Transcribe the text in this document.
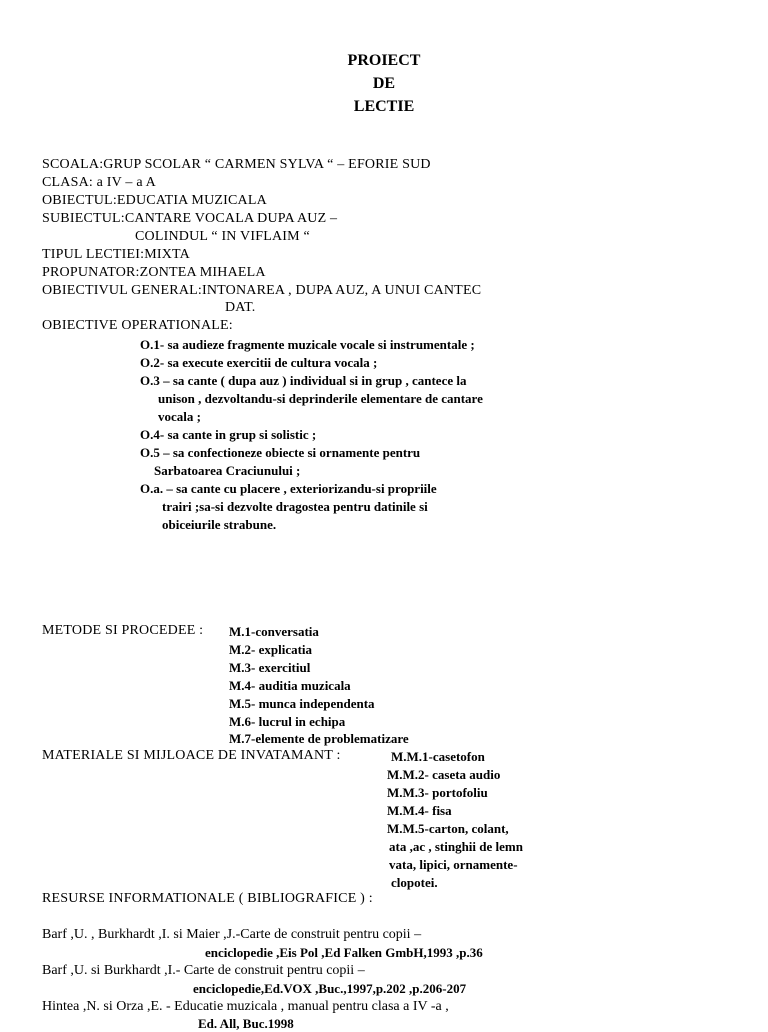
PROIECT
DE
LECTIE
SCOALA:GRUP SCOLAR “ CARMEN SYLVA “ – EFORIE SUD
CLASA: a IV – a A
OBIECTUL:EDUCATIA MUZICALA
SUBIECTUL:CANTARE VOCALA DUPA AUZ –
COLINDUL “ IN VIFLAIM “
TIPUL LECTIEI:MIXTA
PROPUNATOR:ZONTEA MIHAELA
OBIECTIVUL GENERAL:INTONAREA , DUPA AUZ, A UNUI CANTEC
DAT.
OBIECTIVE OPERATIONALE:
O.1- sa audieze fragmente muzicale vocale si instrumentale ;
O.2- sa execute exercitii de cultura vocala ;
O.3 – sa cante ( dupa auz ) individual si in grup , cantece la
unison , dezvoltandu-si deprinderile elementare de cantare
vocala ;
O.4- sa cante in grup si solistic ;
O.5 – sa confectioneze obiecte si ornamente pentru
Sarbatoarea Craciunului ;
O.a. – sa cante cu placere , exteriorizandu-si propriile
trairi ;sa-si dezvolte dragostea pentru datinile si
obiceiurile strabune.
METODE SI PROCEDEE : M.1-conversatia
M.2- explicatia
M.3- exercitiul
M.4- auditia muzicala
M.5- munca independenta
M.6- lucrul in echipa
M.7-elemente de problematizare
MATERIALE SI MIJLOACE DE INVATAMANT :	M.M.1-casetofon
M.M.2- caseta audio
M.M.3- portofoliu
M.M.4- fisa
M.M.5-carton, colant,
ata ,ac , stinghii de lemn
vata, lipici, ornamente-
clopotei.
RESURSE INFORMATIONALE ( BIBLIOGRAFICE ) :
Barf ,U. , Burkhardt ,I. si Maier ,J.-Carte de construit pentru copii –
enciclopedie ,Eis Pol ,Ed Falken GmbH,1993 ,p.36
Barf ,U. si Burkhardt ,I.- Carte de construit pentru copii –
enciclopedie,Ed.VOX ,Buc.,1997,p.202 ,p.206-207
Hintea ,N. si Orza ,E. - Educatie muzicala , manual pentru clasa a IV -a ,
Ed. All, Buc.1998
